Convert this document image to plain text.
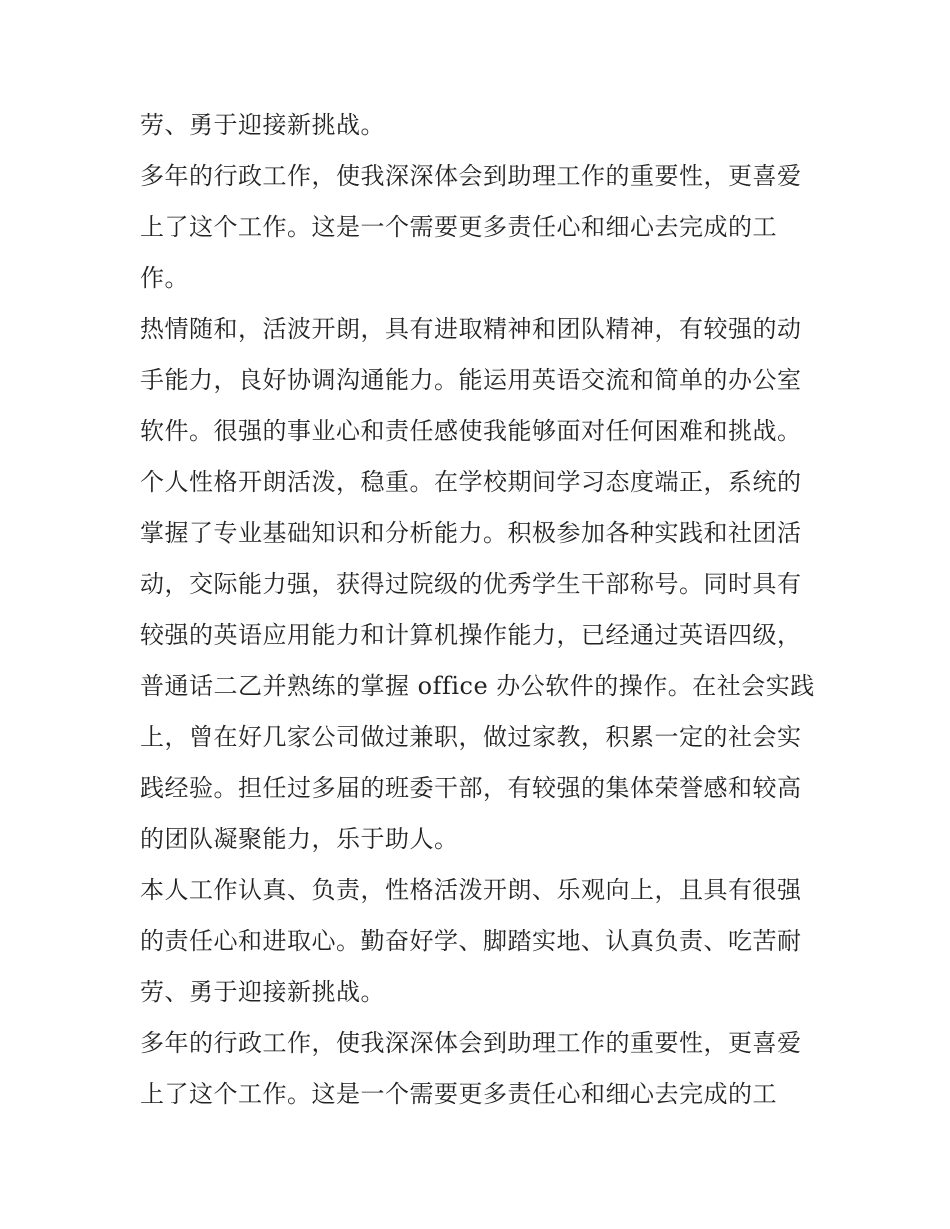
劳、勇于迎接新挑战。
多年的行政工作，使我深深体会到助理工作的重要性，更喜爱
上了这个工作。这是一个需要更多责任心和细心去完成的工
作。
热情随和，活波开朗，具有进取精神和团队精神，有较强的动
手能力，良好协调沟通能力。能运用英语交流和简单的办公室
软件。很强的事业心和责任感使我能够面对任何困难和挑战。
个人性格开朗活泼，稳重。在学校期间学习态度端正，系统的
掌握了专业基础知识和分析能力。积极参加各种实践和社团活
动，交际能力强，获得过院级的优秀学生干部称号。同时具有
较强的英语应用能力和计算机操作能力，已经通过英语四级，
普通话二乙并熟练的掌握 office 办公软件的操作。在社会实践
上，曾在好几家公司做过兼职，做过家教，积累一定的社会实
践经验。担任过多届的班委干部，有较强的集体荣誉感和较高
的团队凝聚能力，乐于助人。
本人工作认真、负责，性格活泼开朗、乐观向上，且具有很强
的责任心和进取心。勤奋好学、脚踏实地、认真负责、吃苦耐
劳、勇于迎接新挑战。
多年的行政工作，使我深深体会到助理工作的重要性，更喜爱
上了这个工作。这是一个需要更多责任心和细心去完成的工
